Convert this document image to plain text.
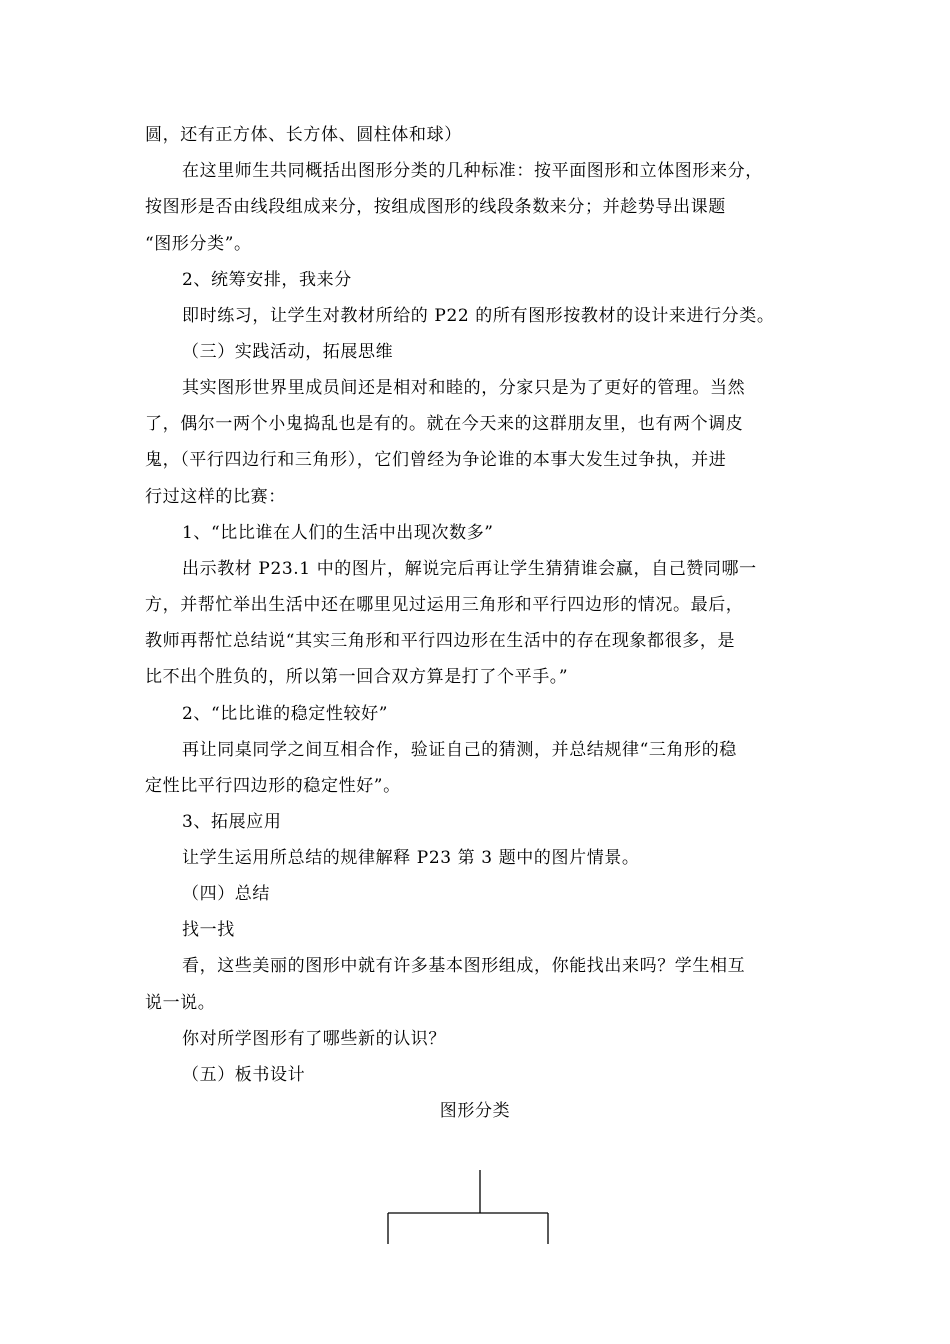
圆，还有正方体、长方体、圆柱体和球）
在这里师生共同概括出图形分类的几种标准：按平面图形和立体图形来分，
按图形是否由线段组成来分，按组成图形的线段条数来分；并趁势导出课题
“图形分类”。
2、统筹安排，我来分
即时练习，让学生对教材所给的 P22 的所有图形按教材的设计来进行分类。
（三）实践活动，拓展思维
其实图形世界里成员间还是相对和睦的，分家只是为了更好的管理。当然
了，偶尔一两个小鬼捣乱也是有的。就在今天来的这群朋友里，也有两个调皮
鬼，（平行四边行和三角形），它们曾经为争论谁的本事大发生过争执，并进
行过这样的比赛：
1、“比比谁在人们的生活中出现次数多”
出示教材 P23.1 中的图片，解说完后再让学生猜猜谁会赢，自己赞同哪一
方，并帮忙举出生活中还在哪里见过运用三角形和平行四边形的情况。最后，
教师再帮忙总结说“其实三角形和平行四边形在生活中的存在现象都很多，是
比不出个胜负的，所以第一回合双方算是打了个平手。”
2、“比比谁的稳定性较好”
再让同桌同学之间互相合作，验证自己的猜测，并总结规律“三角形的稳
定性比平行四边形的稳定性好”。
3、拓展应用
让学生运用所总结的规律解释 P23 第 3 题中的图片情景。
（四）总结
找一找
看，这些美丽的图形中就有许多基本图形组成，你能找出来吗？学生相互
说一说。
你对所学图形有了哪些新的认识？
（五）板书设计
图形分类
